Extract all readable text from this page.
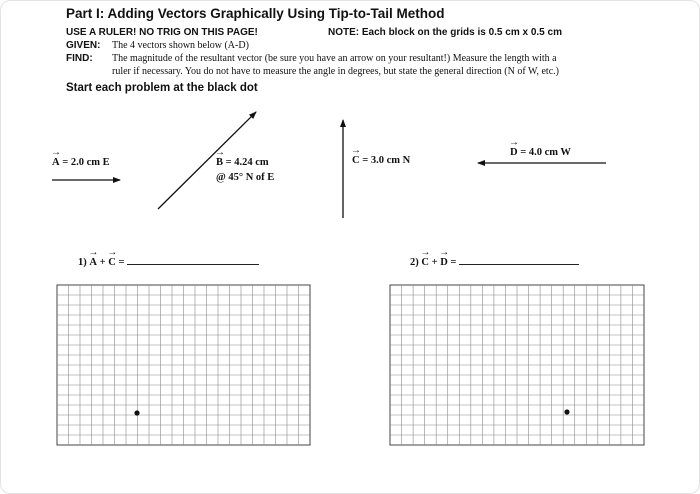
Part I: Adding Vectors Graphically Using Tip-to-Tail Method
USE A RULER! NO TRIG ON THIS PAGE!	NOTE: Each block on the grids is 0.5 cm x 0.5 cm
GIVEN: The 4 vectors shown below (A-D)
FIND: The magnitude of the resultant vector (be sure you have an arrow on your resultant!) Measure the length with a
ruler if necessary. You do not have to measure the angle in degrees, but state the general direction (N of W, etc.)
Start each problem at the black dot
→
A = 2.0 cm E
→
B = 4.24 cm
@ 45° N of E
→
C = 3.0 cm N
→
D = 4.0 cm W
1)
→
A +
→
C =	2)
→
C +
→
D =
